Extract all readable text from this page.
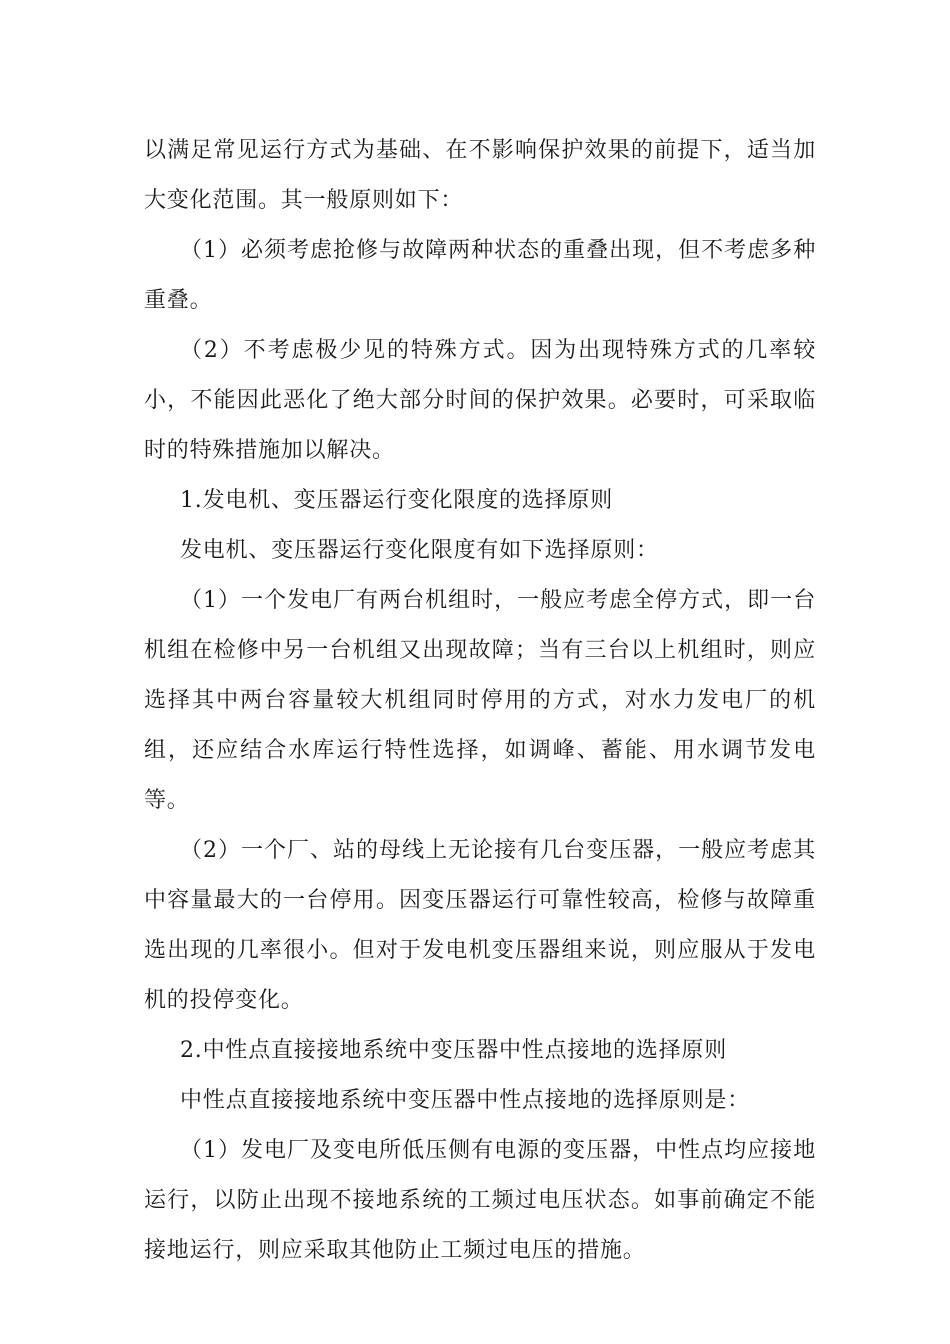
以满足常见运行方式为基础、在不影响保护效果的前提下，适当加大变化范围。其一般原则如下：

（1）必须考虑抢修与故障两种状态的重叠出现，但不考虑多种重叠。

（2）不考虑极少见的特殊方式。因为出现特殊方式的几率较小，不能因此恶化了绝大部分时间的保护效果。必要时，可采取临时的特殊措施加以解决。

1.发电机、变压器运行变化限度的选择原则

发电机、变压器运行变化限度有如下选择原则：

（1）一个发电厂有两台机组时，一般应考虑全停方式，即一台机组在检修中另一台机组又出现故障；当有三台以上机组时，则应选择其中两台容量较大机组同时停用的方式，对水力发电厂的机组，还应结合水库运行特性选择，如调峰、蓄能、用水调节发电等。

（2）一个厂、站的母线上无论接有几台变压器，一般应考虑其中容量最大的一台停用。因变压器运行可靠性较高，检修与故障重选出现的几率很小。但对于发电机变压器组来说，则应服从于发电机的投停变化。

2.中性点直接接地系统中变压器中性点接地的选择原则

中性点直接接地系统中变压器中性点接地的选择原则是：

（1）发电厂及变电所低压侧有电源的变压器，中性点均应接地运行，以防止出现不接地系统的工频过电压状态。如事前确定不能接地运行，则应采取其他防止工频过电压的措施。
